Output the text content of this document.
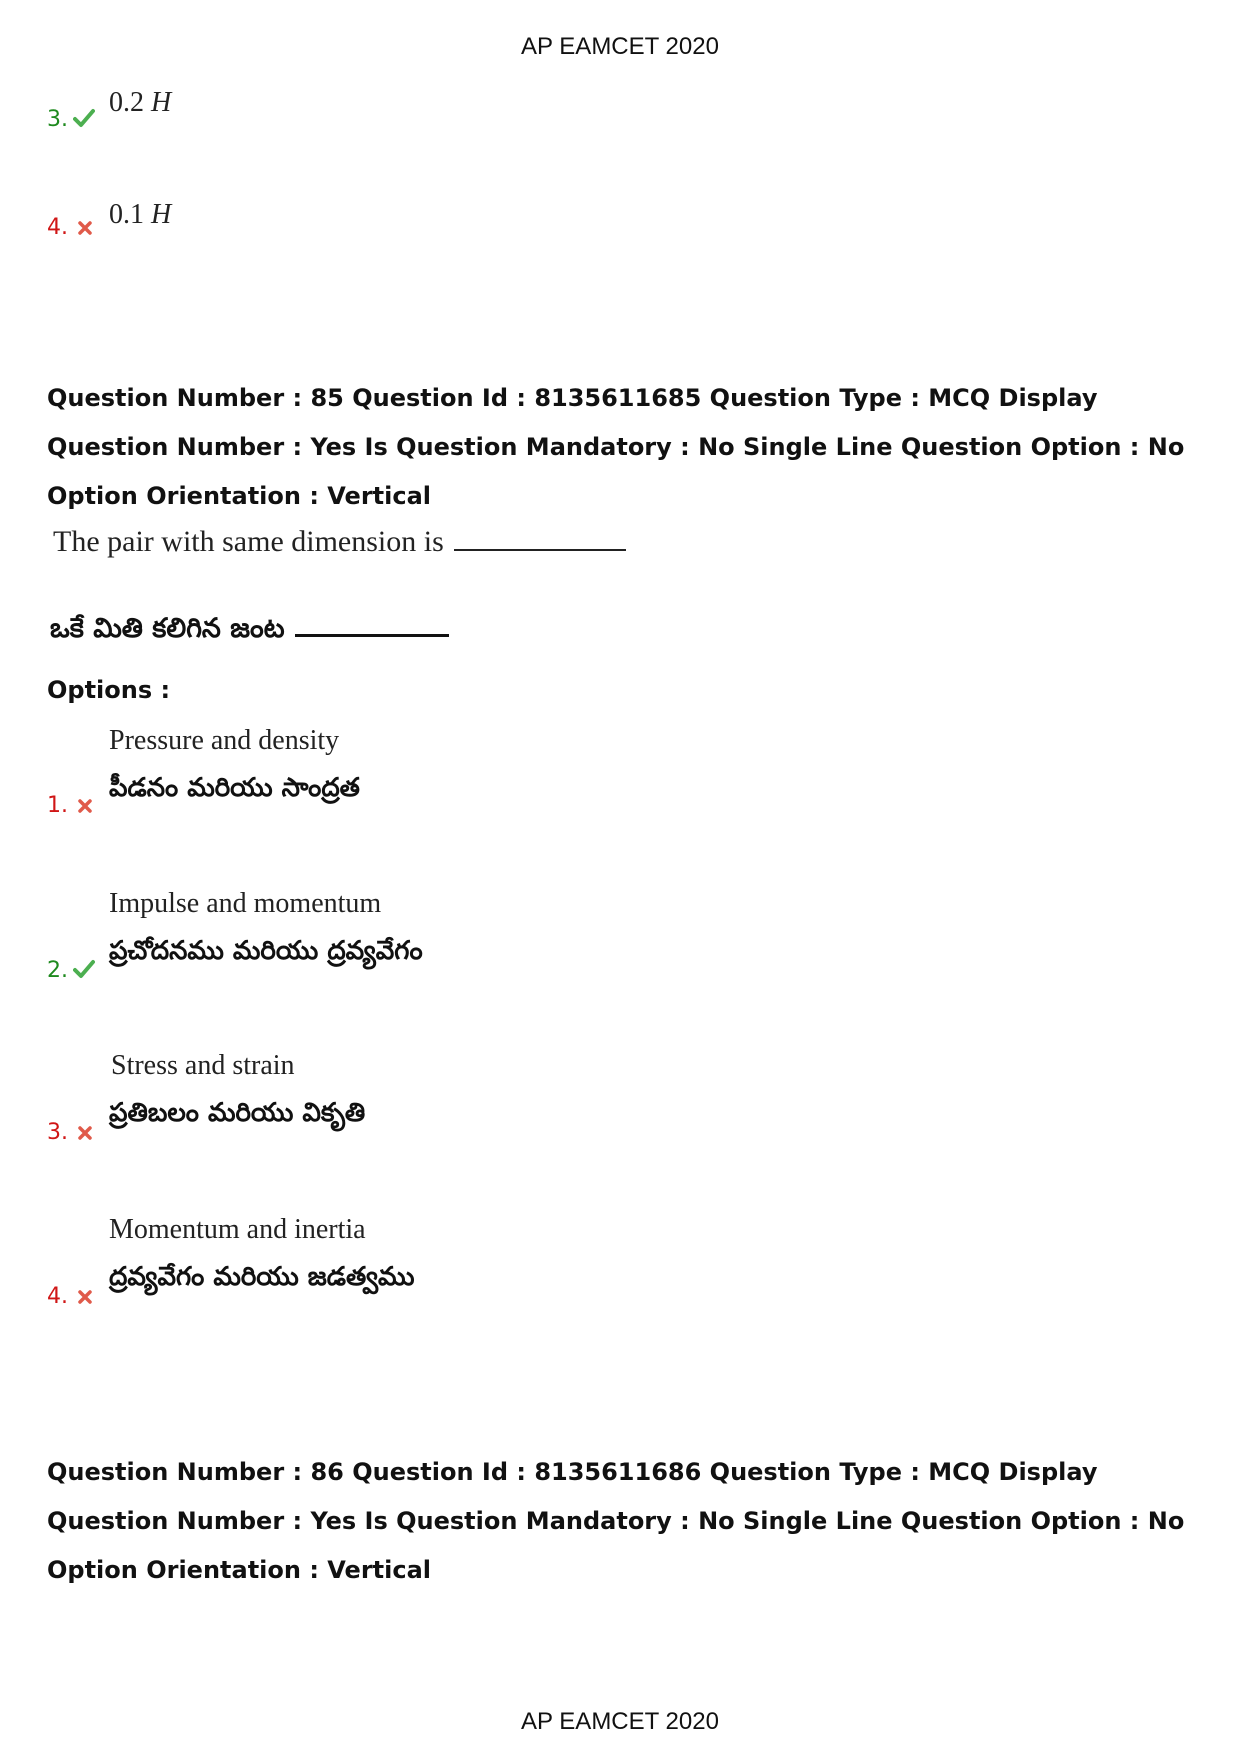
AP EAMCET 2020
3.
0.2 H
4. 0.1 H
Question Number : 85 Question Id : 8135611685 Question Type : MCQ Display Question Number : Yes Is Question Mandatory : No Single Line Question Option : No Option Orientation : Vertical
The pair with same dimension is
ఒకే మితి కలిగిన జంట
Options :
Pressure and density
పీడనం మరియు సాంద్రత
1.
Impulse and momentum
ప్రచోదనము మరియు ద్రవ్యవేగం
2.
Stress and strain
ప్రతిబలం మరియు వికృతి
3.
Momentum and inertia
ద్రవ్యవేగం మరియు జడత్వము
4.
Question Number : 86 Question Id : 8135611686 Question Type : MCQ Display Question Number : Yes Is Question Mandatory : No Single Line Question Option : No Option Orientation : Vertical
AP EAMCET 2020
